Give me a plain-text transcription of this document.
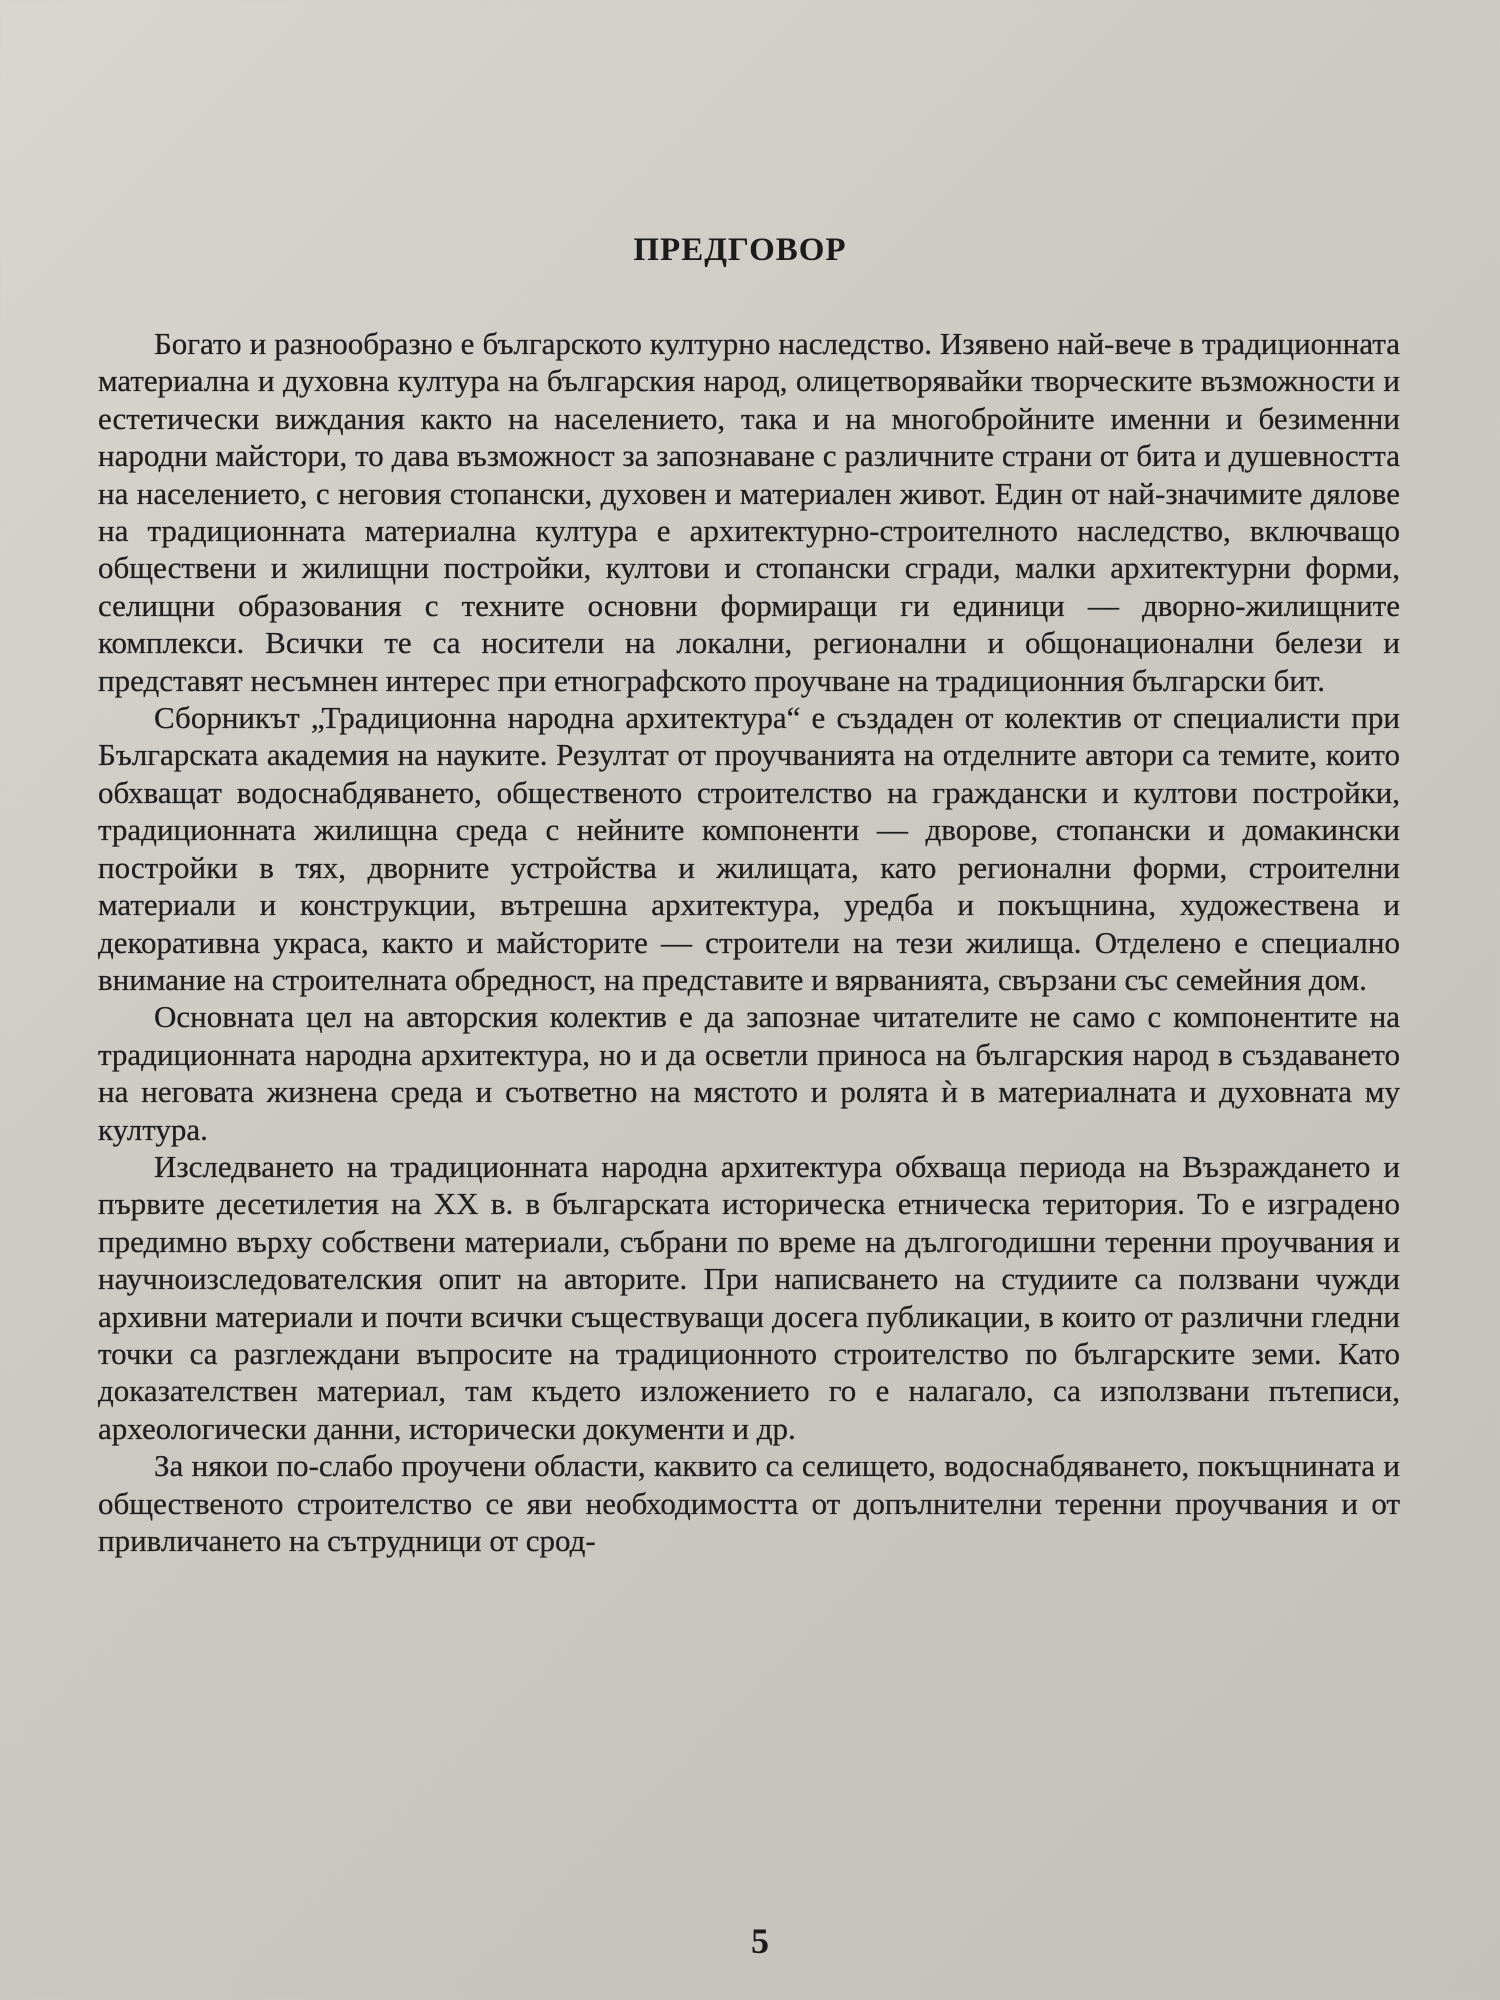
ПРЕДГОВОР

Богато и разнообразно е българското културно наследство. Изявено най-вече в традиционната материална и духовна култура на българския народ, олицетворявайки творческите възможности и естетически виждания както на населението, така и на многобройните именни и безименни народни майстори, то дава възможност за запознаване с различните страни от бита и душевността на населението, с неговия стопански, духовен и материален живот. Един от най-значимите дялове на традиционната материална култура е архитектурно-строителното наследство, включващо обществени и жилищни постройки, култови и стопански сгради, малки архитектурни форми, селищни образования с техните основни формиращи ги единици — дворно-жилищните комплекси. Всички те са носители на локални, регионални и общонационални белези и представят несъмнен интерес при етнографското проучване на традиционния български бит.

Сборникът „Традиционна народна архитектура“ е създаден от колектив от специалисти при Българската академия на науките. Резултат от проучванията на отделните автори са темите, които обхващат водоснабдяването, общественото строителство на граждански и култови постройки, традиционната жилищна среда с нейните компоненти — дворове, стопански и домакински постройки в тях, дворните устройства и жилищата, като регионални форми, строителни материали и конструкции, вътрешна архитектура, уредба и покъщнина, художествена и декоративна украса, както и майсторите — строители на тези жилища. Отделено е специално внимание на строителната обредност, на представите и вярванията, свързани със семейния дом.

Основната цел на авторския колектив е да запознае читателите не само с компонентите на традиционната народна архитектура, но и да осветли приноса на българския народ в създаването на неговата жизнена среда и съответно на мястото и ролята ѝ в материалната и духовната му култура.

Изследването на традиционната народна архитектура обхваща периода на Възраждането и първите десетилетия на XX в. в българската историческа етническа територия. То е изградено предимно върху собствени материали, събрани по време на дългогодишни теренни проучвания и научноизследователския опит на авторите. При написването на студиите са ползвани чужди архивни материали и почти всички съществуващи досега публикации, в които от различни гледни точки са разглеждани въпросите на традиционното строителство по българските земи. Като доказателствен материал, там където изложението го е налагало, са използвани пътеписи, археологически данни, исторически документи и др.

За някои по-слабо проучени области, каквито са селището, водоснабдяването, покъщнината и общественото строителство се яви необходимостта от допълнителни теренни проучвания и от привличането на сътрудници от срод-

5
